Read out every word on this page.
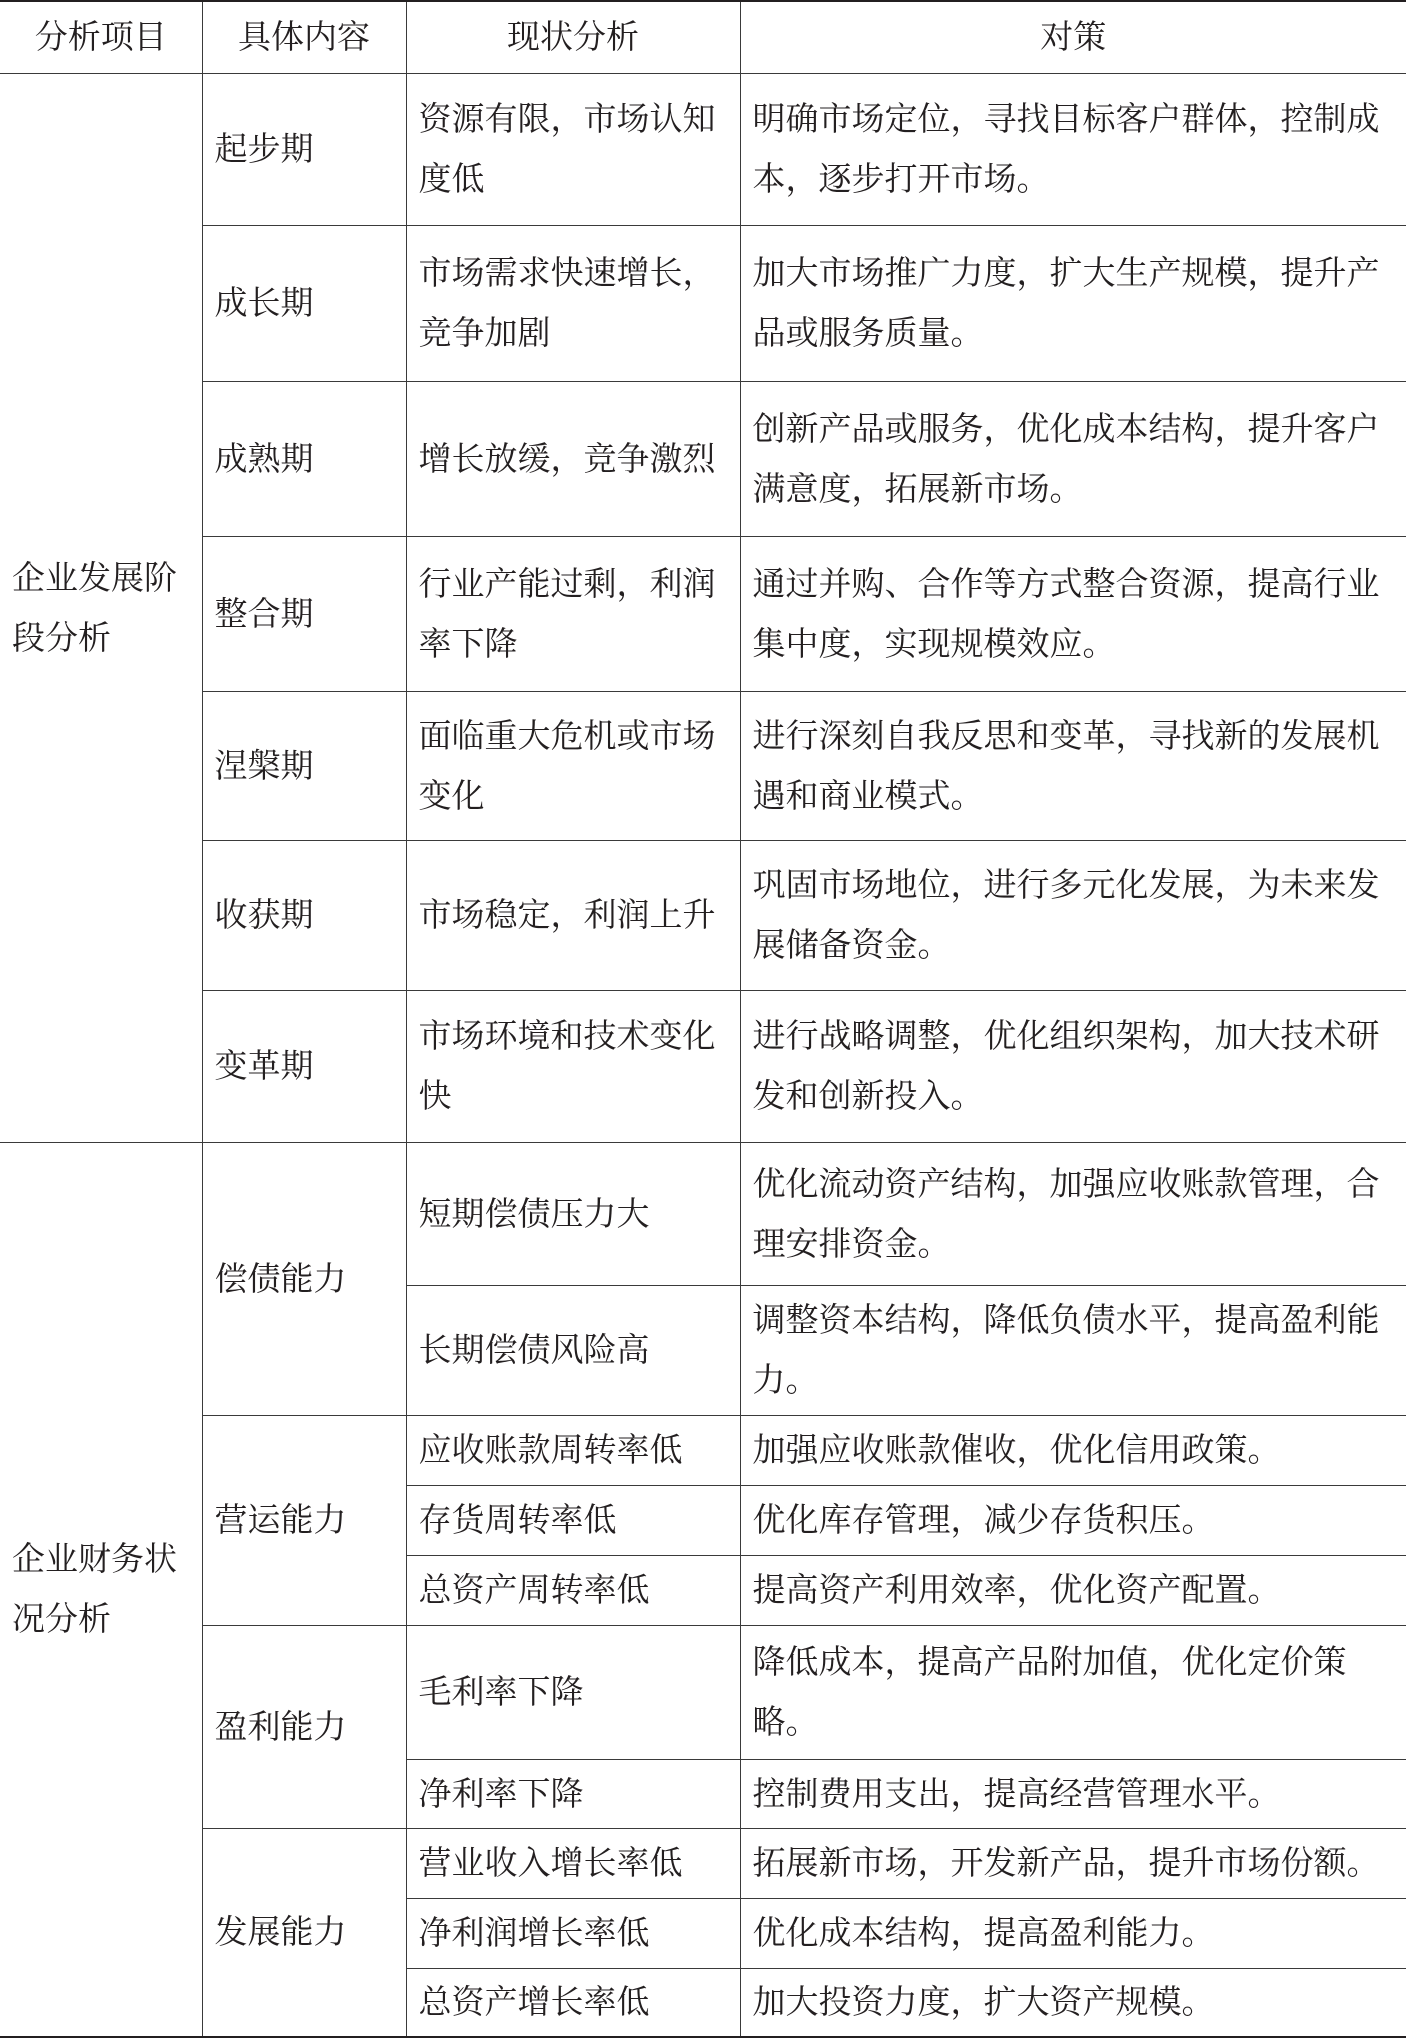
分析项目	具体内容	现状分析	对策
企业发展阶段分析	起步期	资源有限，市场认知度低	明确市场定位，寻找目标客户群体，控制成本，逐步打开市场。
	成长期	市场需求快速增长，竞争加剧	加大市场推广力度，扩大生产规模，提升产品或服务质量。
	成熟期	增长放缓，竞争激烈	创新产品或服务，优化成本结构，提升客户满意度，拓展新市场。
	整合期	行业产能过剩，利润率下降	通过并购、合作等方式整合资源，提高行业集中度，实现规模效应。
	涅槃期	面临重大危机或市场变化	进行深刻自我反思和变革，寻找新的发展机遇和商业模式。
	收获期	市场稳定，利润上升	巩固市场地位，进行多元化发展，为未来发展储备资金。
	变革期	市场环境和技术变化快	进行战略调整，优化组织架构，加大技术研发和创新投入。
企业财务状况分析	偿债能力	短期偿债压力大	优化流动资产结构，加强应收账款管理，合理安排资金。
		长期偿债风险高	调整资本结构，降低负债水平，提高盈利能力。
	营运能力	应收账款周转率低	加强应收账款催收，优化信用政策。
		存货周转率低	优化库存管理，减少存货积压。
		总资产周转率低	提高资产利用效率，优化资产配置。
	盈利能力	毛利率下降	降低成本，提高产品附加值，优化定价策略。
		净利率下降	控制费用支出，提高经营管理水平。
	发展能力	营业收入增长率低	拓展新市场，开发新产品，提升市场份额。
		净利润增长率低	优化成本结构，提高盈利能力。
		总资产增长率低	加大投资力度，扩大资产规模。
